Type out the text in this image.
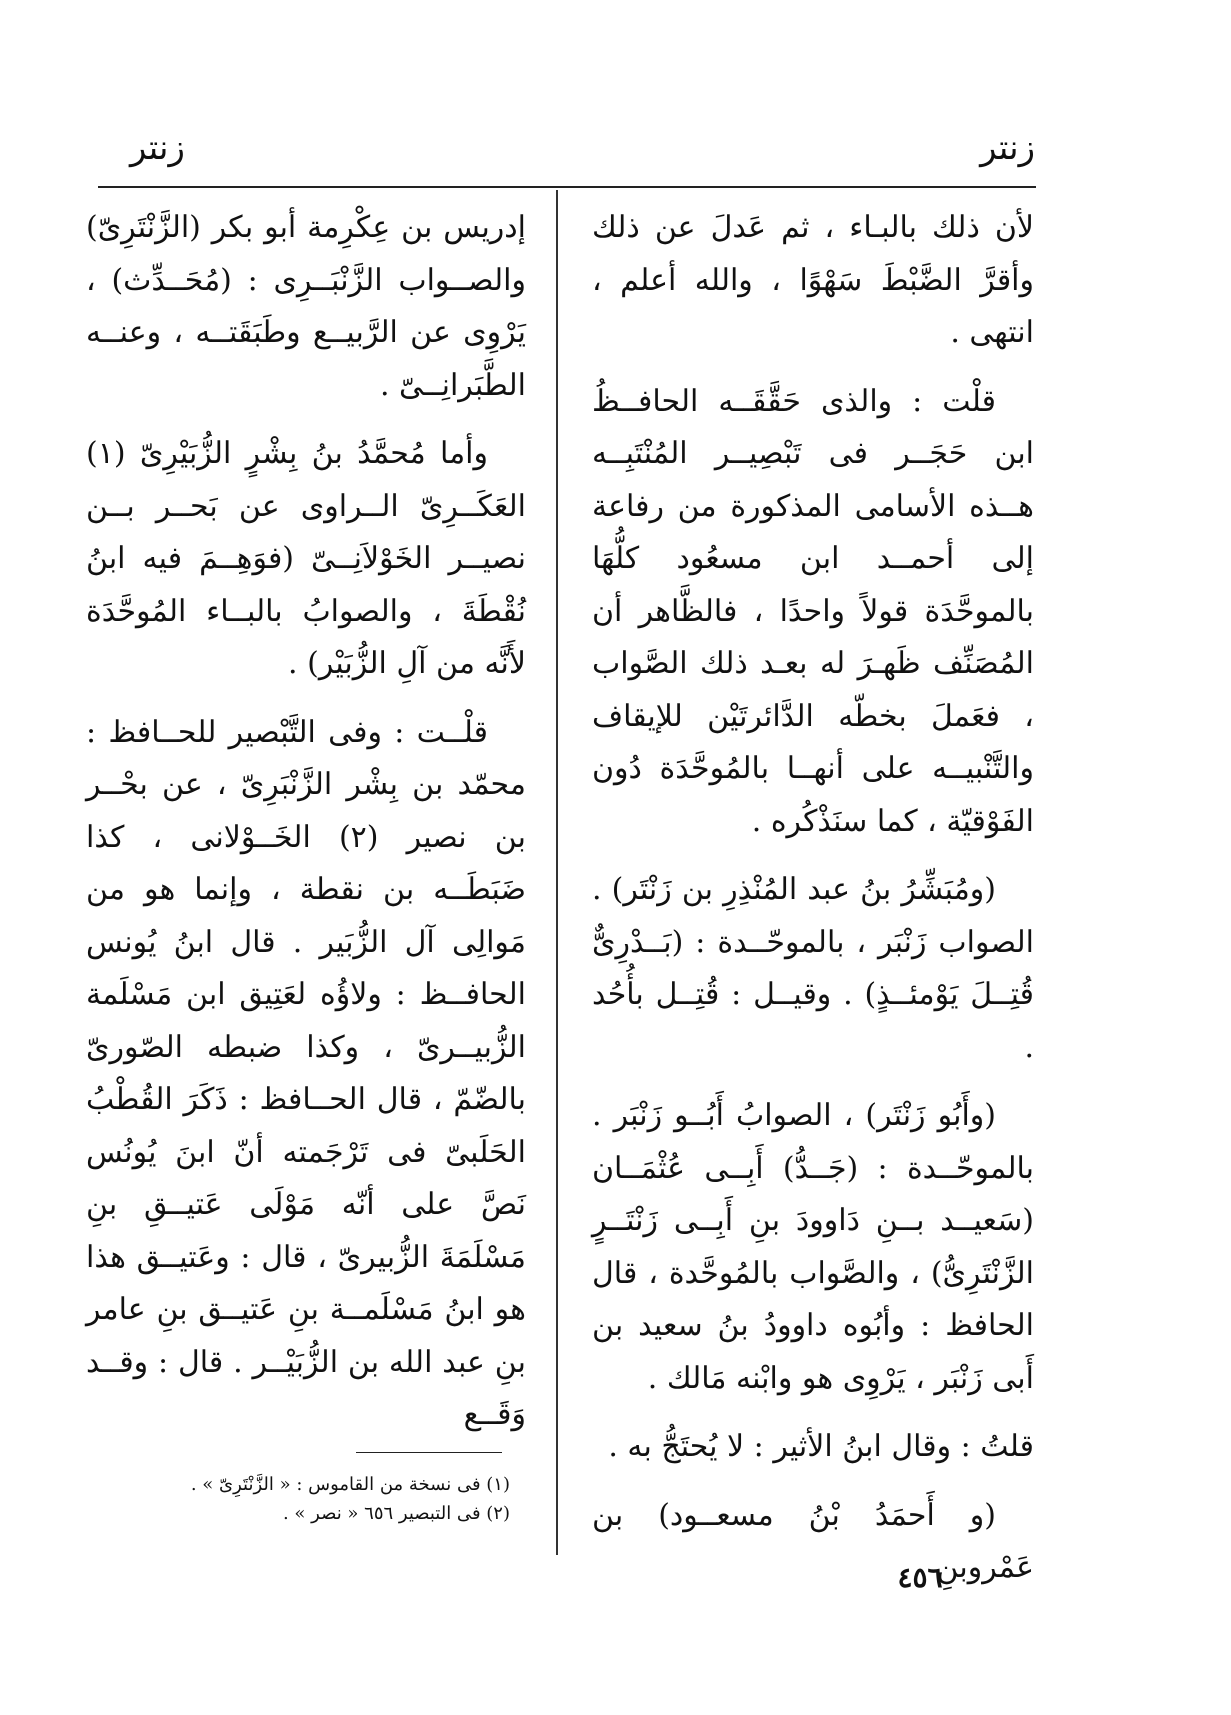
زنتر
زنتر

لأن ذلك بالبـاء ، ثم عَدلَ عن ذلك وأقرَّ الضَّبْطَ سَهْوًا ، والله أعلم ، انتهى .

قلْت : والذى حَقَّقَــه الحافــظُ ابن حَجَــر فى تَبْصِيــر المُنْتَبِــه هــذه الأسامى المذكورة من رفاعة إلى أحمــد ابن مسعُود كلُّهَا بالموحَّدَة قولاً واحدًا ، فالظَّاهر أن المُصَنِّف ظَهـرَ له بعـد ذلك الصَّواب ، فعَملَ بخطّه الدَّائرتَيْن للإيقاف والتَّنْبيــه على أنهــا بالمُوحَّدَة دُون الفَوْقيّة ، كما سنَذْكُره .

(ومُبَشِّرُ بنُ عبد المُنْذِرِ بن زَنْتَر) . الصواب زَنْبَر ، بالموحّــدة : (بَــدْرِىٌّ قُتِــلَ يَوْمئــذٍ) . وقيــل : قُتِــل بأُحُد .

(وأَبُو زَنْتَر) ، الصوابُ أَبُــو زَنْبَر . بالموحّــدة : (جَــدُّ) أَبِــى عُثْمَــان (سَعيــد بــنِ دَاوودَ بنِ أَبِــى زَنْتَــرٍ الزَّنْتَرِىُّ) ، والصَّواب بالمُوحَّدة ، قال الحافظ : وأبُوه داوودُ بنُ سعيد بن أَبى زَنْبَر ، يَرْوِى هو وابْنه مَالك .

قلتُ : وقال ابنُ الأثير : لا يُحتَجُّ به .

(و أَحمَدُ بْنُ مسعــود) بن عَمْروبنِ

إدريس بن عِكْرِمة أبو بكر (الزَّنْتَرِىّ) والصــواب الزَّنْبَــرِى : (مُحَــدِّث) ، يَرْوِى عن الرَّبيــع وطَبَقَتــه ، وعنــه الطَّبَرانِــىّ .

وأما مُحمَّدُ بنُ بِشْرٍ الزُّبَيْرِىّ (١) العَكَــرِىّ الــراوى عن بَحــر بــن نصيــر الخَوْلاَنِــىّ (فوَهِــمَ فيه ابنُ نُقْطَةَ ، والصوابُ بالبــاء المُوحَّدَة لأَنَّه من آلِ الزُّبَيْر) .

قلْــت : وفى التَّبْصير للحــافظ : محمّد بن بِشْر الزَّنْبَرِىّ ، عن بحْــر بن نصير (٢) الخَــوْلانى ، كذا ضَبَطَــه بن نقطة ، وإنما هو من مَوالِى آل الزُّبَير . قال ابنُ يُونس الحافــظ : ولاؤُه لعَتِيق ابن مَسْلَمة الزُّبيــرىّ ، وكذا ضبطه الصّورىّ بالضّمّ ، قال الحــافظ : ذَكَرَ القُطْبُ الحَلَبىّ فى تَرْجَمته أنّ ابنَ يُونُس نَصَّ على أنّه مَوْلَى عَتيــقِ بنِ مَسْلَمَةَ الزُّبيرىّ ، قال : وعَتيــق هذا هو ابنُ مَسْلَمــة بنِ عَتيــق بنِ عامر بنِ عبد الله بن الزُّبَيْــر . قال : وقــد وَقَــع

(١) فى نسخة من القاموس : « الزَّنْتَرِىّ » .

(٢) فى التبصير ٦٥٦ « نصر » .

٤٥٦
